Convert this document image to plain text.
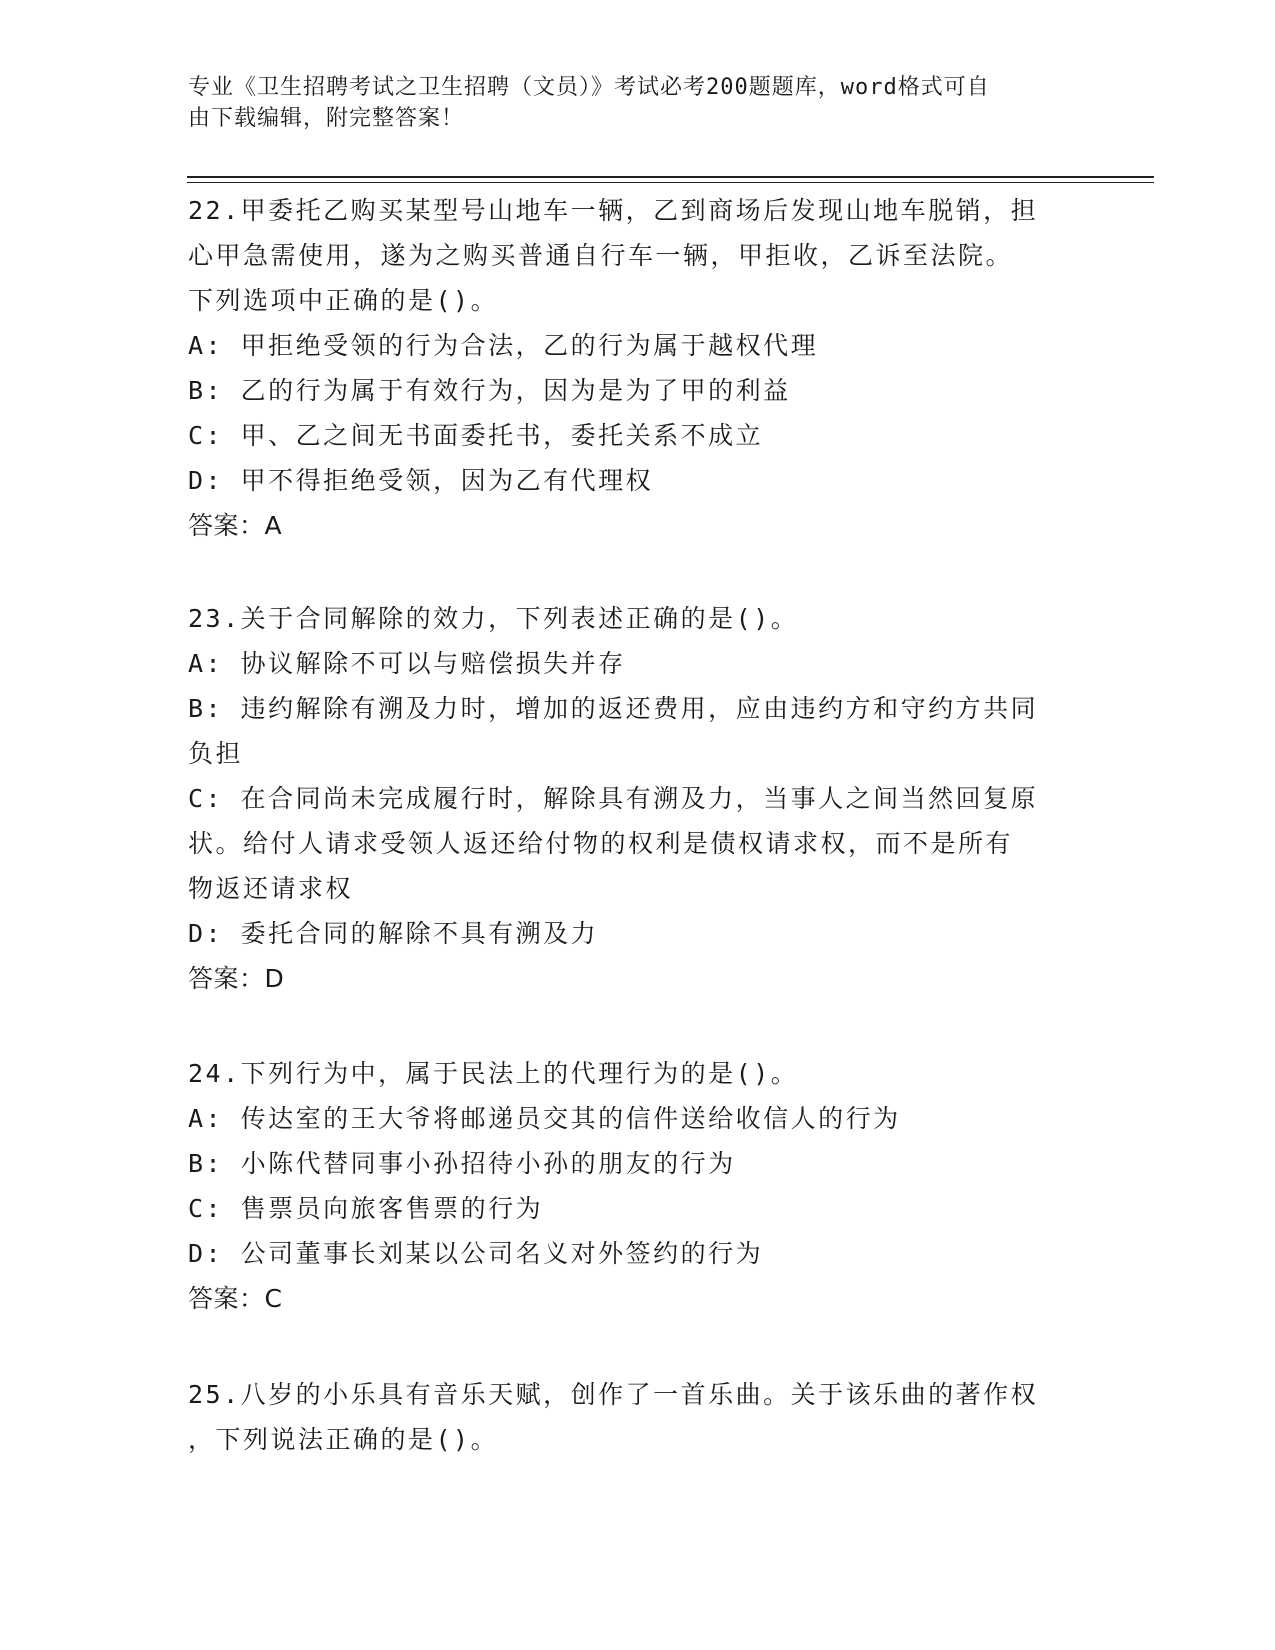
专业《卫生招聘考试之卫生招聘（文员）》考试必考200题题库，word格式可自
由下载编辑，附完整答案！
22.甲委托乙购买某型号山地车一辆，乙到商场后发现山地车脱销，担
心甲急需使用，遂为之购买普通自行车一辆，甲拒收，乙诉至法院。
下列选项中正确的是()。
A: 甲拒绝受领的行为合法，乙的行为属于越权代理
B: 乙的行为属于有效行为，因为是为了甲的利益
C: 甲、乙之间无书面委托书，委托关系不成立
D: 甲不得拒绝受领，因为乙有代理权
答案：A
23.关于合同解除的效力，下列表述正确的是()。
A: 协议解除不可以与赔偿损失并存
B: 违约解除有溯及力时，增加的返还费用，应由违约方和守约方共同
负担
C: 在合同尚未完成履行时，解除具有溯及力，当事人之间当然回复原
状。给付人请求受领人返还给付物的权利是债权请求权，而不是所有
物返还请求权
D: 委托合同的解除不具有溯及力
答案：D
24.下列行为中，属于民法上的代理行为的是()。
A: 传达室的王大爷将邮递员交其的信件送给收信人的行为
B: 小陈代替同事小孙招待小孙的朋友的行为
C: 售票员向旅客售票的行为
D: 公司董事长刘某以公司名义对外签约的行为
答案：C
25.八岁的小乐具有音乐天赋，创作了一首乐曲。关于该乐曲的著作权
，下列说法正确的是()。
